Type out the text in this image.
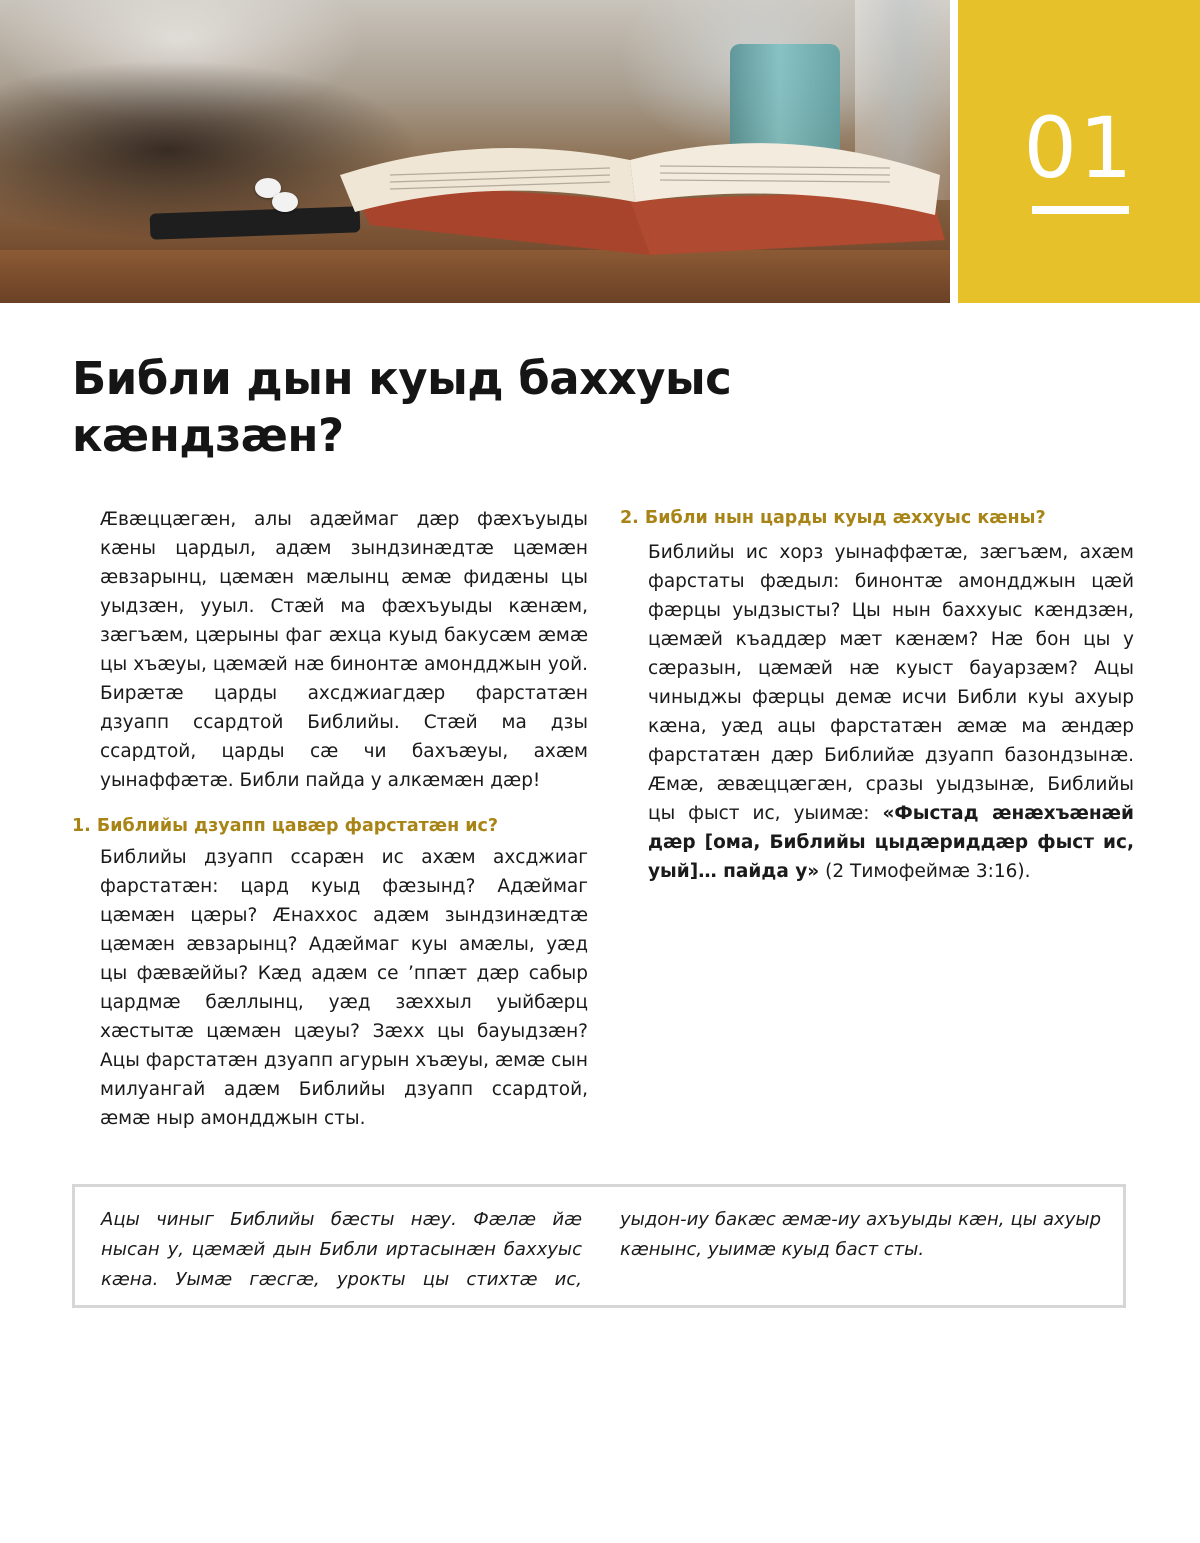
01
Библи дын куыд баххуыс кæндзæн?

Æвæццæгæн, алы адæймаг дæр фæхъуыды кæны цардыл, адæм зындзинæдтæ цæмæн æвзарынц, цæмæн мæлынц æмæ фидæны цы уыдзæн, ууыл. Стæй ма фæхъуыды кæнæм, зæгъæм, цæрыны фаг æхца куыд бакусæм æмæ цы хъæуы, цæмæй нæ бинонтæ амондджын уой. Бирæтæ царды ахсджиагдæр фарстатæн дзуапп ссардтой Библийы. Стæй ма дзы ссардтой, царды сæ чи бахъæуы, ахæм уынаффæтæ. Библи пайда у алкæмæн дæр!

1. Библийы дзуапп цавæр фарстатæн ис?

Библийы дзуапп ссарæн ис ахæм ахсджиаг фарстатæн: цард куыд фæзынд? Адæймаг цæмæн цæры? Æнаххос адæм зындзинæдтæ цæмæн æвзарынц? Адæймаг куы амæлы, уæд цы фæвæййы? Кæд адæм се ’ппæт дæр сабыр цардмæ бæллынц, уæд зæххыл уыйбæрц хæстытæ цæмæн цæуы? Зæхх цы бауыдзæн? Ацы фарстатæн дзуапп агурын хъæуы, æмæ сын милуангай адæм Библийы дзуапп ссардтой, æмæ ныр амондджын сты.

2. Библи нын царды куыд æххуыс кæны?

Библийы ис хорз уынаффæтæ, зæгъæм, ахæм фарстаты фæдыл: бинонтæ амондджын цæй фæрцы уыдзысты? Цы нын баххуыс кæндзæн, цæмæй къаддæр мæт кæнæм? Нæ бон цы у сæразын, цæмæй нæ куыст бауарзæм? Ацы чиныджы фæрцы демæ исчи Библи куы ахуыр кæна, уæд ацы фарстатæн æмæ ма æндæр фарстатæн дæр Библийæ дзуапп базондзынæ. Æмæ, æвæццæгæн, сразы уыдзынæ, Библийы цы фыст ис, уыимæ: «Фыстад æнæхъæнæй дæр [ома, Библийы цыдæриддæр фыст ис, уый]… пайда у» (2 Тимофеймæ 3:16).

Ацы чиныг Библийы бæсты нæу. Фæлæ йæ нысан у, цæмæй дын Библи иртасынæн баххуыс кæна. Уымæ гæсгæ, урокты цы стихтæ ис, уыдон-иу бакæс æмæ-иу ахъуыды кæн, цы ахуыр кæнынс, уыимæ куыд баст сты.
